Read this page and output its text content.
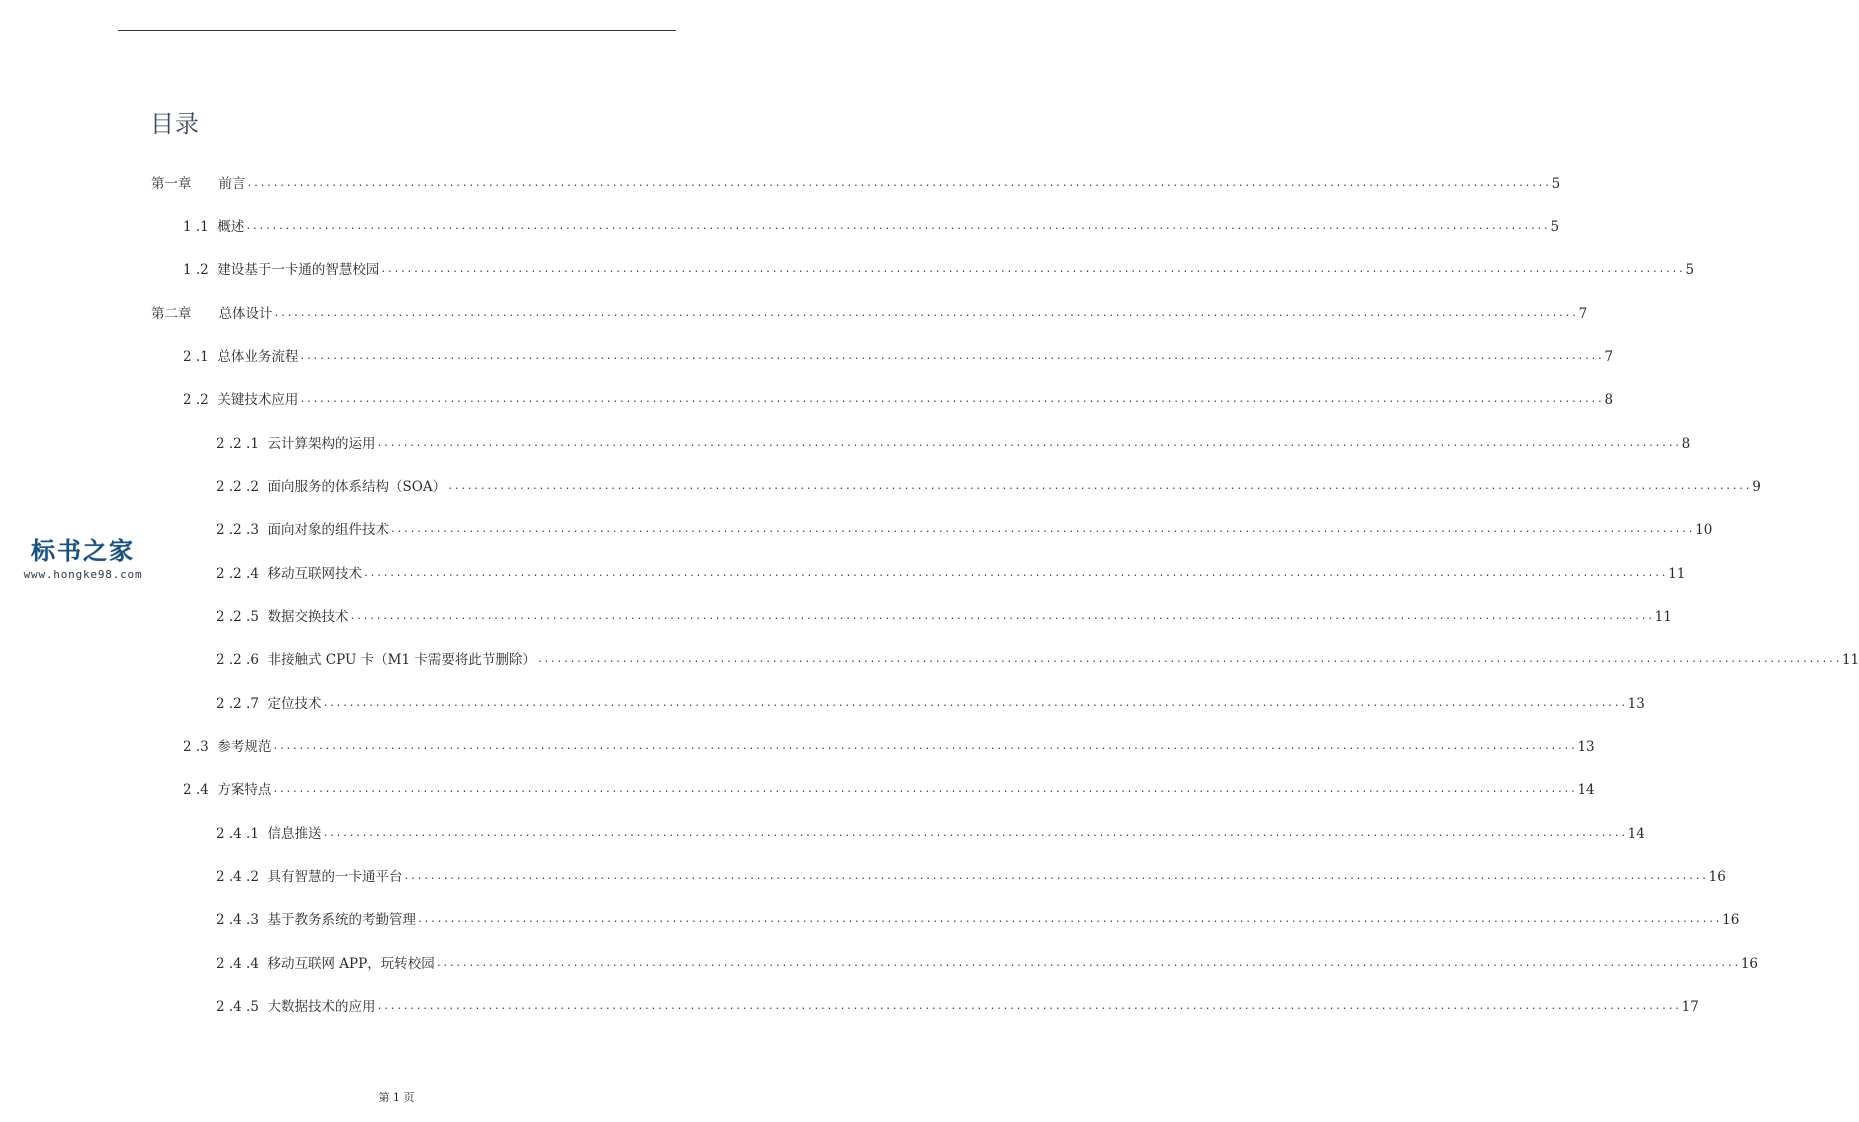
目录
第一章　　前言 ........................................................................................................................................................................................................ 5
1 .1  概述 ........................................................................................................................................................................................................ 5
1 .2  建设基于一卡通的智慧校园 ........................................................................................................................................................................................................ 5
第二章　　总体设计 ........................................................................................................................................................................................................ 7
2 .1  总体业务流程 ........................................................................................................................................................................................................ 7
2 .2  关键技术应用 ........................................................................................................................................................................................................ 8
2 .2 .1  云计算架构的运用 ........................................................................................................................................................................................................ 8
2 .2 .2  面向服务的体系结构（SOA） ........................................................................................................................................................................................................ 9
2 .2 .3  面向对象的组件技术 ........................................................................................................................................................................................................ 10
2 .2 .4  移动互联网技术 ........................................................................................................................................................................................................ 11
2 .2 .5  数据交换技术 ........................................................................................................................................................................................................ 11
2 .2 .6  非接触式 CPU 卡（M1 卡需要将此节删除） ........................................................................................................................................................................................................ 11
2 .2 .7  定位技术 ........................................................................................................................................................................................................ 13
2 .3  参考规范 ........................................................................................................................................................................................................ 13
2 .4  方案特点 ........................................................................................................................................................................................................ 14
2 .4 .1  信息推送 ........................................................................................................................................................................................................ 14
2 .4 .2  具有智慧的一卡通平台 ........................................................................................................................................................................................................ 16
2 .4 .3  基于教务系统的考勤管理 ........................................................................................................................................................................................................ 16
2 .4 .4  移动互联网 APP，玩转校园 ........................................................................................................................................................................................................ 16
2 .4 .5  大数据技术的应用 ........................................................................................................................................................................................................ 17
标书之家
www.hongke98.com
第 1 页
